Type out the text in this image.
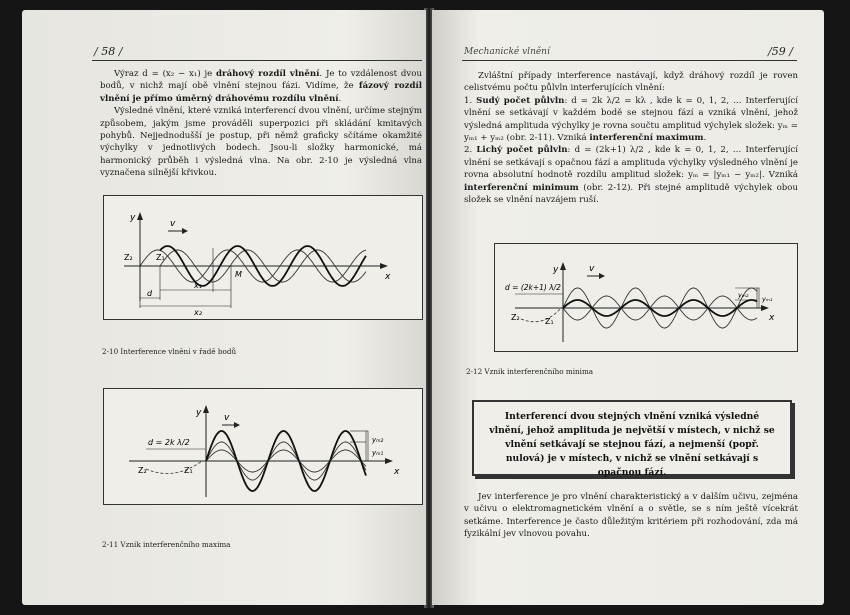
/ 58 /

Výraz d = (x₂ − x₁) je dráhový rozdíl vlnění. Je to vzdálenost dvou bodů, v nichž mají obě vlnění stejnou fázi. Vidíme, že fázový rozdíl vlnění je přímo úměrný dráhovému rozdílu vlnění.

Výsledné vlnění, které vzniká interferencí dvou vlnění, určíme stejným způsobem, jakým jsme prováděli superpozici při skládání kmitavých pohybů. Nejjednodušší je postup, při němž graficky sčítáme okamžité výchylky v jednotlivých bodech. Jsou-li složky harmonické, má harmonický průběh i výsledná vlna. Na obr. 2-10 je výsledná vlna vyznačena silnější křivkou.

y
v
x
Z₂	Z₁
M
d
x₁
x₂
2-10 Interference vlnění v řadě bodů
y	v
x
Z₂	Z₁
d = 2k λ/2	yₘ₂
yₘ₁
2-11 Vznik interferenčního maxima
Mechanické vlnění	/59 /

Zvláštní případy interference nastávají, když dráhový rozdíl je roven celistvému počtu půlvln interferujících vlnění:

1. Sudý počet půlvln: d = 2k λ/2 = kλ , kde k = 0, 1, 2, … Interferující vlnění se setkávají v každém bodě se stejnou fází a vzniká vlnění, jehož výsledná amplituda výchylky je rovna součtu amplitud výchylek složek: yₘ = yₘ₁ + yₘ₂ (obr. 2-11). Vzniká interferenční maximum.

2. Lichý počet půlvln: d = (2k+1) λ/2 , kde k = 0, 1, 2, … Interferující vlnění se setkávají s opačnou fází a amplituda výchylky výsledného vlnění je rovna absolutní hodnotě rozdílu amplitud složek: yₘ = |yₘ₁ − yₘ₂|. Vzniká interferenční minimum (obr. 2-12). Při stejné amplitudě výchylek obou složek se vlnění navzájem ruší.

y	v
x
Z₂	Z₁
d = (2k+1) λ/2
yₘ₂ yₘ₁
2-12 Vznik interferenčního minima
Interferencí dvou stejných vlnění vzniká výsledné vlnění, jehož amplituda je největší v místech, v nichž se vlnění setkávají se stejnou fází, a nejmenší (popř. nulová) je v místech, v nichž se vlnění setkávají s opačnou fází.

Jev interference je pro vlnění charakteristický a v dalším učivu, zejména v učivu o elektromagnetickém vlnění a o světle, se s ním ještě vícekrát setkáme. Interference je často důležitým kritériem při rozhodování, zda má fyzikální jev vlnovou povahu.
